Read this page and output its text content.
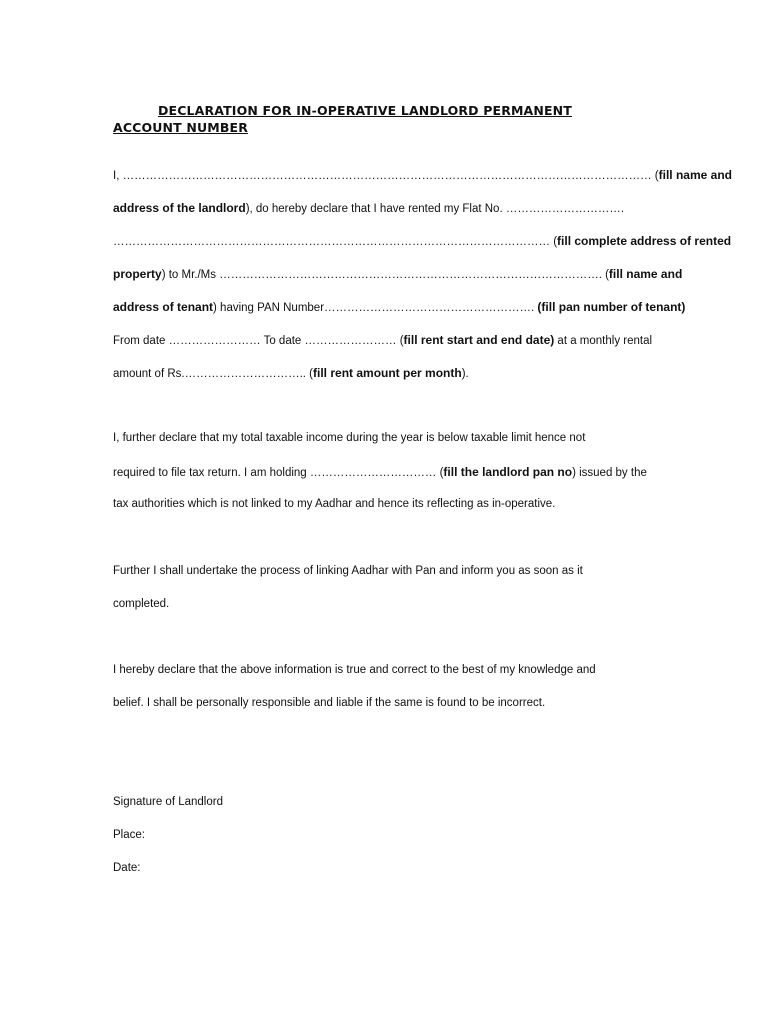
DECLARATION FOR IN-OPERATIVE LANDLORD PERMANENT
ACCOUNT NUMBER
I, ………………………………………………………………………………………………………………………… (fill name and
address of the landlord), do hereby declare that I have rented my Flat No. ………………………….
…………………………………………………………………………………………………… (fill complete address of rented
property) to Mr./Ms ………………………………………………………………………………………. (fill name and
address of tenant) having PAN Number………………………………………………. (fill pan number of tenant)
From date …………………… To date …………………… (fill rent start and end date) at a monthly rental
amount of Rs.………………………….. (fill rent amount per month).
I, further declare that my total taxable income during the year is below taxable limit hence not
required to file tax return. I am holding …………………………… (fill the landlord pan no) issued by the
tax authorities which is not linked to my Aadhar and hence its reflecting as in-operative.
Further I shall undertake the process of linking Aadhar with Pan and inform you as soon as it
completed.
I hereby declare that the above information is true and correct to the best of my knowledge and
belief. I shall be personally responsible and liable if the same is found to be incorrect.
Signature of Landlord
Place:
Date:
